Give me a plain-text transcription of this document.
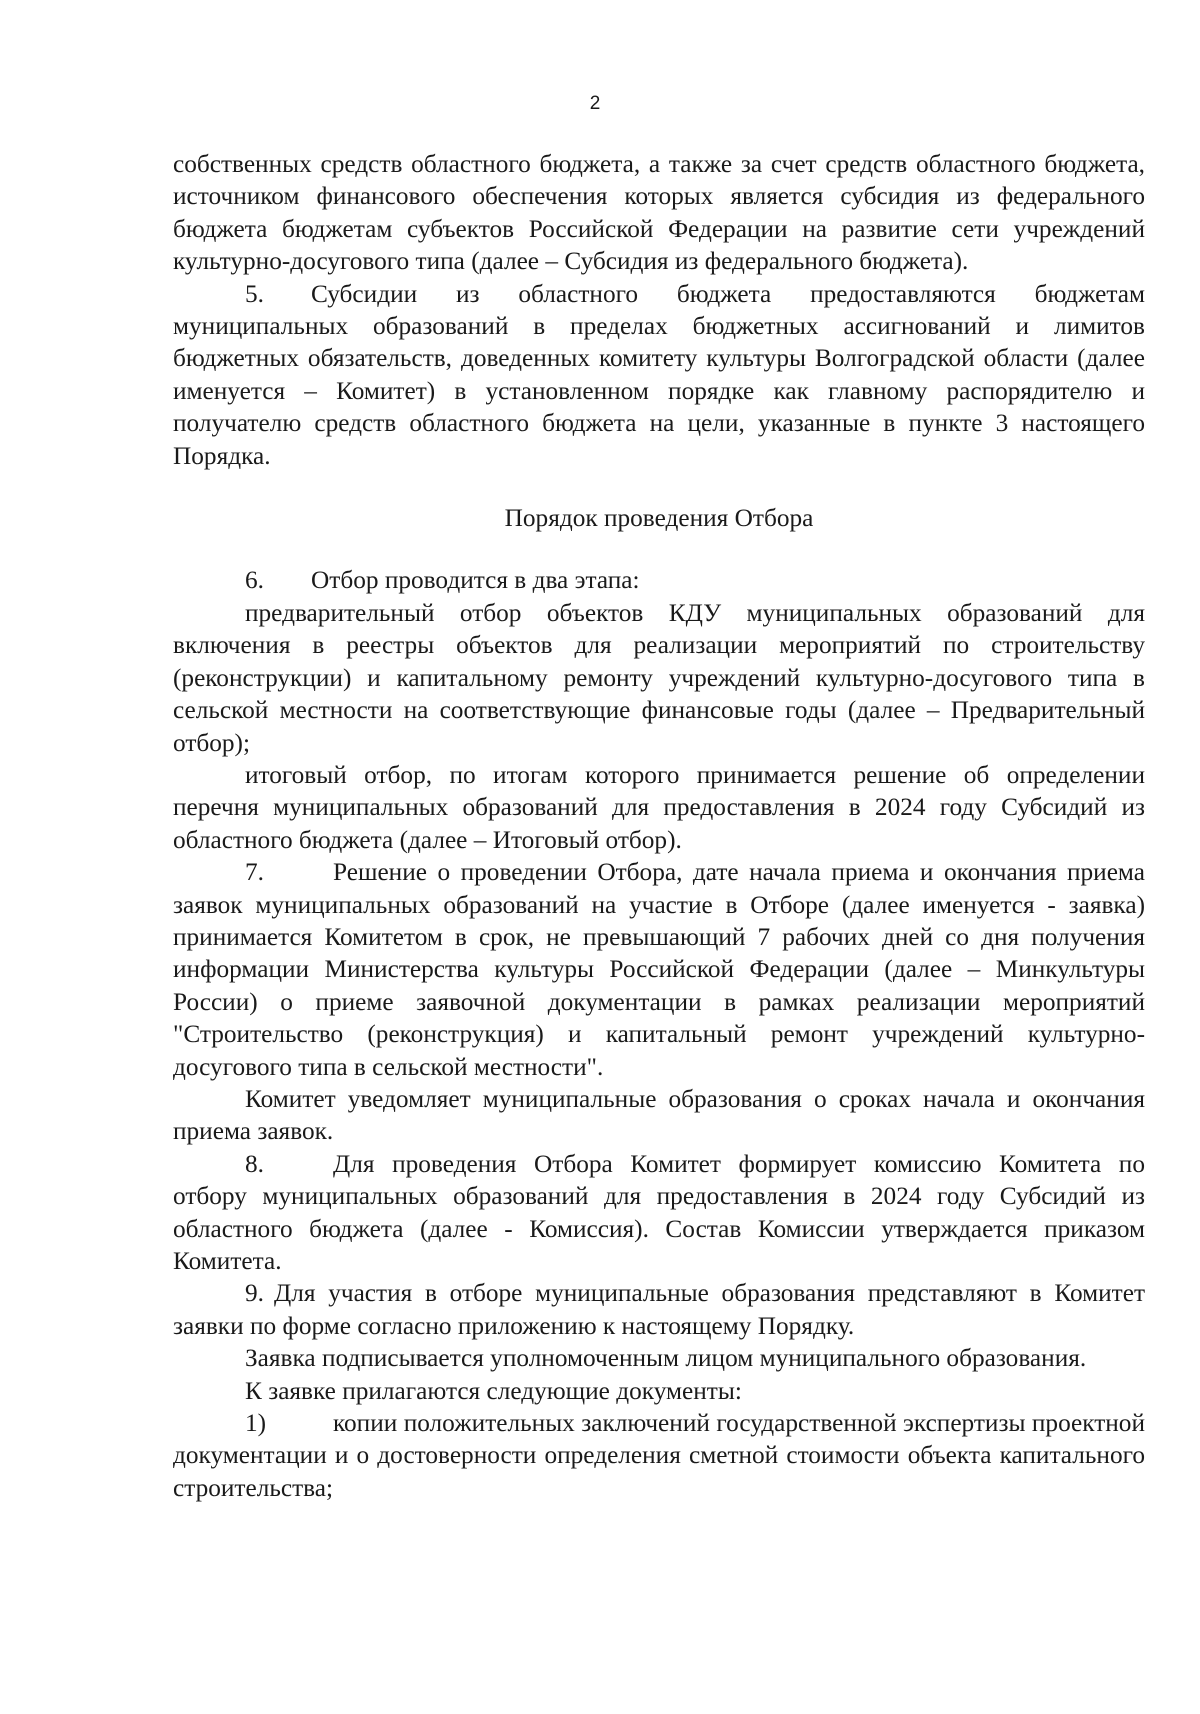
2

собственных средств областного бюджета, а также за счет средств областного бюджета, источником финансового обеспечения которых является субсидия из федерального бюджета бюджетам субъектов Российской Федерации на развитие сети учреждений культурно-досугового типа (далее – Субсидия из федерального бюджета).

5. Субсидии из областного бюджета предоставляются бюджетам муниципальных образований в пределах бюджетных ассигнований и лимитов бюджетных обязательств, доведенных комитету культуры Волгоградской области (далее именуется – Комитет) в установленном порядке как главному распорядителю и получателю средств областного бюджета на цели, указанные в пункте 3 настоящего Порядка.

Порядок проведения Отбора

6. Отбор проводится в два этапа:

предварительный отбор объектов КДУ муниципальных образований для включения в реестры объектов для реализации мероприятий по строительству (реконструкции) и капитальному ремонту учреждений культурно-досугового типа в сельской местности на соответствующие финансовые годы (далее – Предварительный отбор);

итоговый отбор, по итогам которого принимается решение об определении перечня муниципальных образований для предоставления в 2024 году Субсидий из областного бюджета (далее – Итоговый отбор).

7.	Решение о проведении Отбора, дате начала приема и окончания приема заявок муниципальных образований на участие в Отборе (далее именуется - заявка) принимается Комитетом в срок, не превышающий 7 рабочих дней со дня получения информации Министерства культуры Российской Федерации (далее – Минкультуры России) о приеме заявочной документации в рамках реализации мероприятий "Строительство (реконструкция) и капитальный ремонт учреждений культурно-досугового типа в сельской местности".

Комитет уведомляет муниципальные образования о сроках начала и окончания приема заявок.

8.	Для проведения Отбора Комитет формирует комиссию Комитета по отбору муниципальных образований для предоставления в 2024 году Субсидий из областного бюджета (далее - Комиссия). Состав Комиссии утверждается приказом Комитета.

9. Для участия в отборе муниципальные образования представляют в Комитет заявки по форме согласно приложению к настоящему Порядку.

Заявка подписывается уполномоченным лицом муниципального образования.

К заявке прилагаются следующие документы:

1)	копии положительных заключений государственной экспертизы проектной документации и о достоверности определения сметной стоимости объекта капитального строительства;
